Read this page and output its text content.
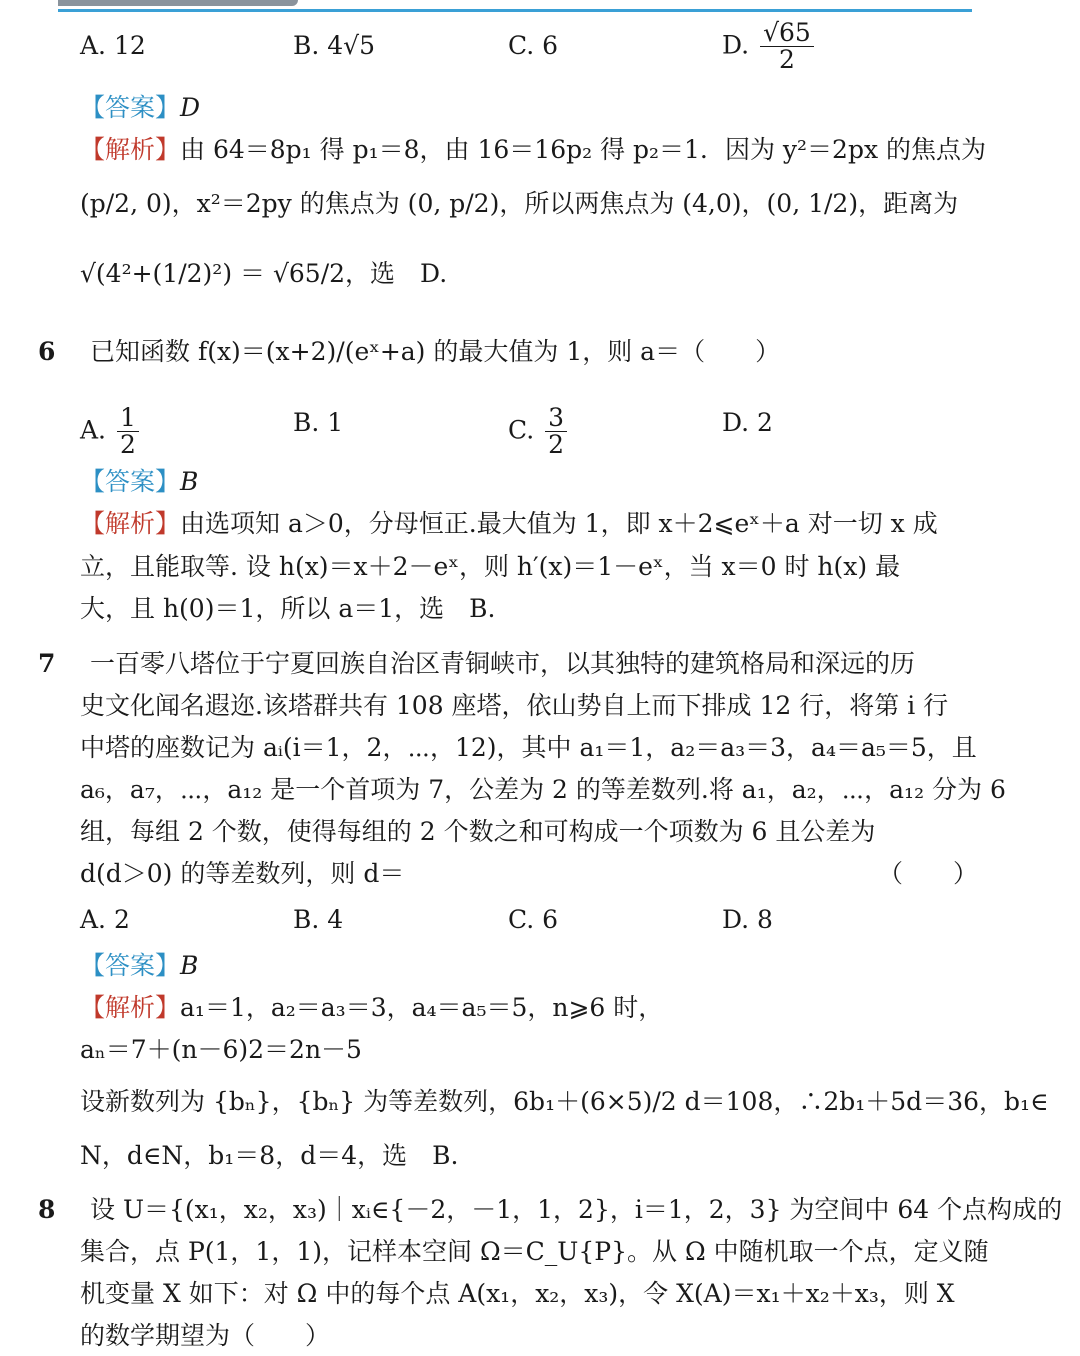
A. 12	B. 4√5	C. 6	D. $\frac{√65}{2}$
【答案】D
【解析】由 64＝8p₁ 得 p₁＝8，由 16＝16p₂ 得 p₂＝1．因为 y²＝2px 的焦点为
(p/2, 0)，x²＝2py 的焦点为 (0, p/2)，所以两焦点为 (4,0)，(0, 1/2)，距离为
√(4²+(1/2)²) ＝ √65/2，选　D.
6 已知函数 f(x)＝(x+2)/(eˣ+a) 的最大值为 1，则 a＝（　　）
A. $\frac{1}{2}$	B. 1	C. $\frac{3}{2}$	D. 2
【答案】B
【解析】由选项知 a＞0，分母恒正.最大值为 1，即 x＋2⩽eˣ＋a 对一切 x 成
立，且能取等. 设 h(x)＝x＋2－eˣ，则 h′(x)＝1－eˣ，当 x＝0 时 h(x) 最
大，且 h(0)＝1，所以 a＝1，选　B.
7 一百零八塔位于宁夏回族自治区青铜峡市，以其独特的建筑格局和深远的历
史文化闻名遐迩.该塔群共有 108 座塔，依山势自上而下排成 12 行，将第 i 行
中塔的座数记为 aᵢ(i＝1，2，⋯，12)，其中 a₁＝1，a₂＝a₃＝3，a₄＝a₅＝5，且
a₆，a₇，⋯，a₁₂ 是一个首项为 7，公差为 2 的等差数列.将 a₁，a₂，⋯，a₁₂ 分为 6
组，每组 2 个数，使得每组的 2 个数之和可构成一个项数为 6 且公差为
d(d＞0) 的等差数列，则 d＝	（　　）
A. 2	B. 4	C. 6	D. 8
【答案】B
【解析】a₁＝1，a₂＝a₃＝3，a₄＝a₅＝5，n⩾6 时，
aₙ＝7＋(n－6)2＝2n－5
设新数列为 {bₙ}，{bₙ} 为等差数列，6b₁＋(6×5)/2 d＝108，∴2b₁＋5d＝36，b₁∈
N，d∈N，b₁＝8，d＝4，选　B.
8 设 U＝{(x₁，x₂，x₃)｜xᵢ∈{－2，－1，1，2}，i＝1，2，3} 为空间中 64 个点构成的
集合，点 P(1，1，1)，记样本空间 Ω＝C_U{P}。从 Ω 中随机取一个点，定义随
机变量 X 如下：对 Ω 中的每个点 A(x₁，x₂，x₃)，令 X(A)＝x₁＋x₂＋x₃，则 X
的数学期望为（　　）
